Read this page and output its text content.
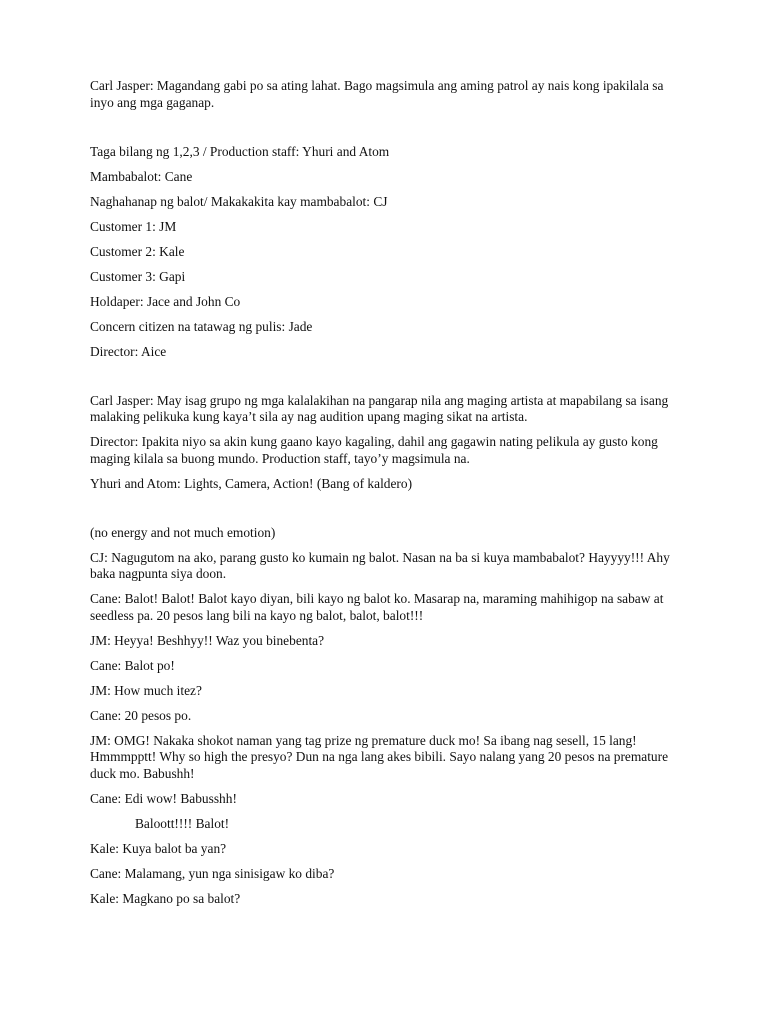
Carl Jasper: Magandang gabi po sa ating lahat. Bago magsimula ang aming patrol ay nais kong ipakilala sa inyo ang mga gaganap.

Taga bilang ng 1,2,3 / Production staff: Yhuri and Atom

Mambabalot: Cane

Naghahanap ng balot/ Makakakita kay mambabalot: CJ

Customer 1: JM

Customer 2: Kale

Customer 3: Gapi

Holdaper: Jace and John Co

Concern citizen na tatawag ng pulis: Jade

Director: Aice

Carl Jasper: May isag grupo ng mga kalalakihan na pangarap nila ang maging artista at mapabilang sa isang malaking pelikuka kung kaya’t sila ay nag audition upang maging sikat na artista.

Director: Ipakita niyo sa akin kung gaano kayo kagaling, dahil ang gagawin nating pelikula ay gusto kong maging kilala sa buong mundo. Production staff, tayo’y magsimula na.

Yhuri and Atom: Lights, Camera, Action! (Bang of kaldero)

(no energy and not much emotion)

CJ: Nagugutom na ako, parang gusto ko kumain ng balot. Nasan na ba si kuya mambabalot? Hayyyy!!! Ahy baka nagpunta siya doon.

Cane: Balot! Balot! Balot kayo diyan, bili kayo ng balot ko. Masarap na, maraming mahihigop na sabaw at seedless pa. 20 pesos lang bili na kayo ng balot, balot, balot!!!

JM: Heyya! Beshhyy!! Waz you binebenta?

Cane: Balot po!

JM: How much itez?

Cane: 20 pesos po.

JM: OMG! Nakaka shokot naman yang tag prize ng premature duck mo! Sa ibang nag sesell, 15 lang! Hmmmpptt! Why so high the presyo? Dun na nga lang akes bibili. Sayo nalang yang 20 pesos na premature duck mo. Babushh!

Cane: Edi wow! Babusshh!

Baloott!!!! Balot!

Kale: Kuya balot ba yan?

Cane: Malamang, yun nga sinisigaw ko diba?

Kale: Magkano po sa balot?
